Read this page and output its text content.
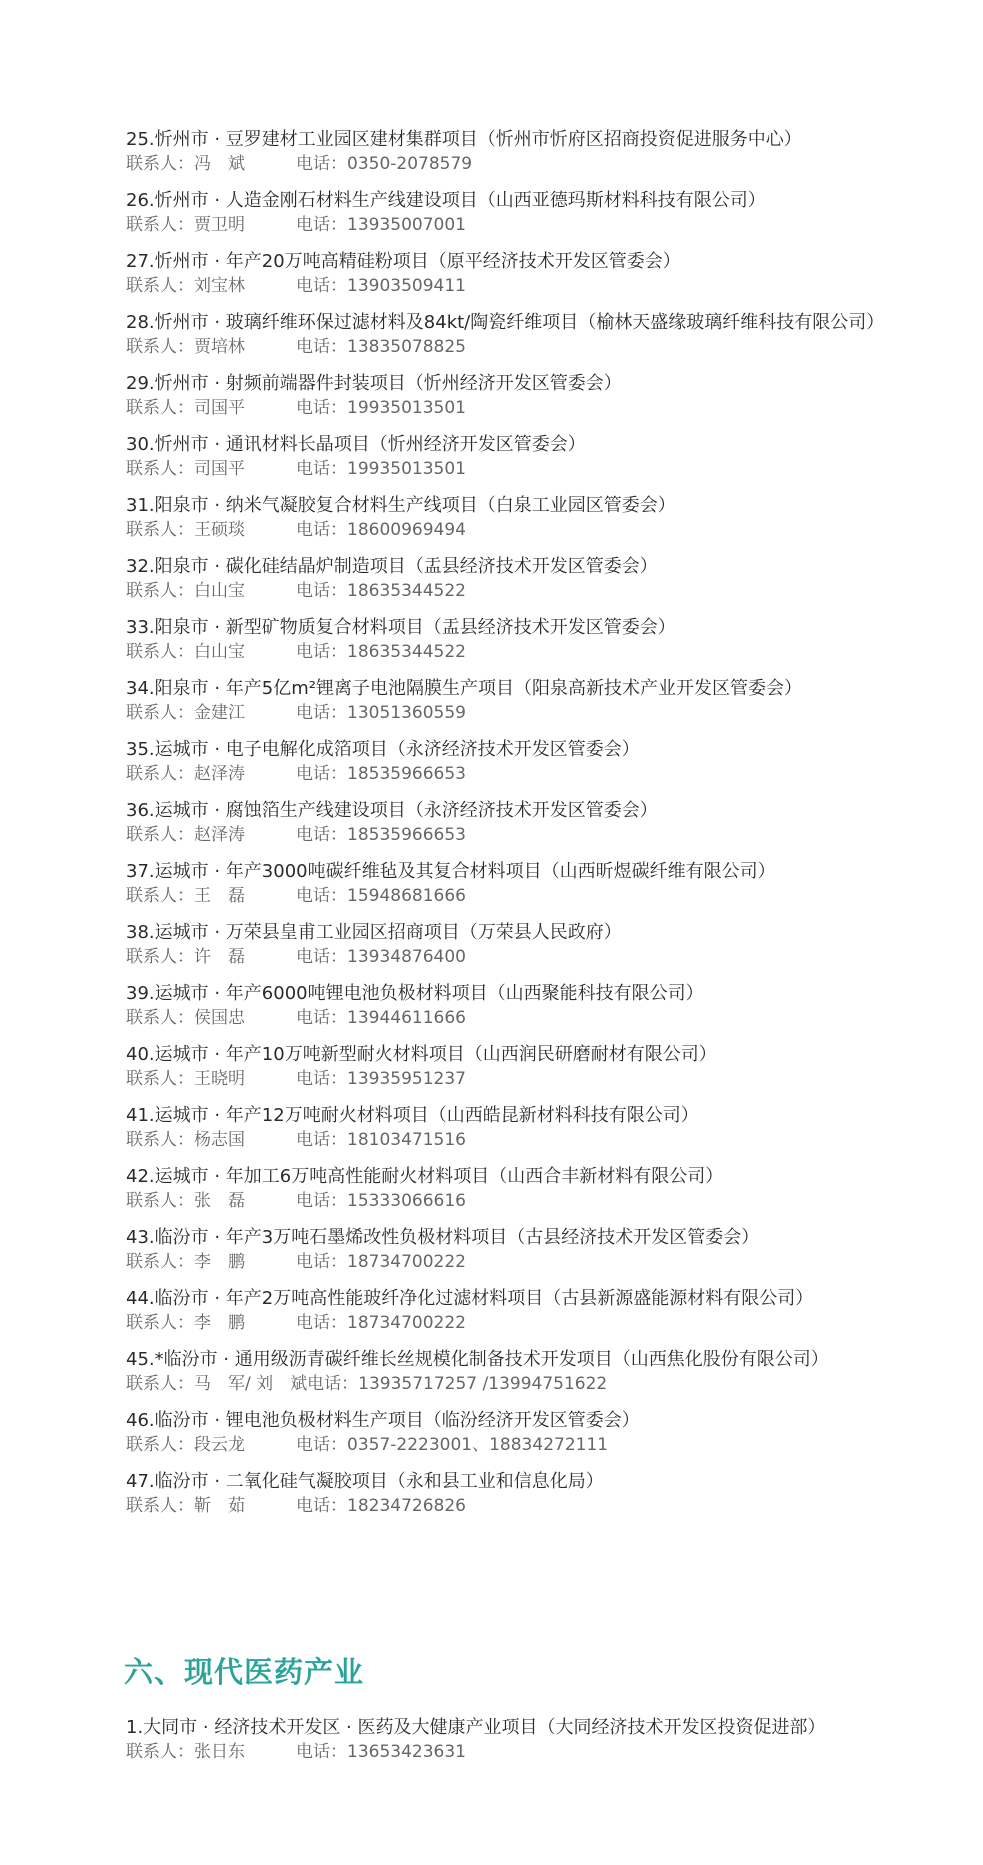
25.忻州市 · 豆罗建材工业园区建材集群项目（忻州市忻府区招商投资促进服务中心）
联系人：冯　斌	电话：0350-2078579
26.忻州市 · 人造金刚石材料生产线建设项目（山西亚德玛斯材料科技有限公司）
联系人：贾卫明	电话：13935007001
27.忻州市 · 年产20万吨高精硅粉项目（原平经济技术开发区管委会）
联系人：刘宝林	电话：13903509411
28.忻州市 · 玻璃纤维环保过滤材料及84kt/陶瓷纤维项目（榆林天盛缘玻璃纤维科技有限公司）
联系人：贾培林	电话：13835078825
29.忻州市 · 射频前端器件封装项目（忻州经济开发区管委会）
联系人：司国平	电话：19935013501
30.忻州市 · 通讯材料长晶项目（忻州经济开发区管委会）
联系人：司国平	电话：19935013501
31.阳泉市 · 纳米气凝胶复合材料生产线项目（白泉工业园区管委会）
联系人：王硕琰	电话：18600969494
32.阳泉市 · 碳化硅结晶炉制造项目（盂县经济技术开发区管委会）
联系人：白山宝	电话：18635344522
33.阳泉市 · 新型矿物质复合材料项目（盂县经济技术开发区管委会）
联系人：白山宝	电话：18635344522
34.阳泉市 · 年产5亿m²锂离子电池隔膜生产项目（阳泉高新技术产业开发区管委会）
联系人：金建江	电话：13051360559
35.运城市 · 电子电解化成箔项目（永济经济技术开发区管委会）
联系人：赵泽涛	电话：18535966653
36.运城市 · 腐蚀箔生产线建设项目（永济经济技术开发区管委会）
联系人：赵泽涛	电话：18535966653
37.运城市 · 年产3000吨碳纤维毡及其复合材料项目（山西昕煜碳纤维有限公司）
联系人：王　磊	电话：15948681666
38.运城市 · 万荣县皇甫工业园区招商项目（万荣县人民政府）
联系人：许　磊	电话：13934876400
39.运城市 · 年产6000吨锂电池负极材料项目（山西聚能科技有限公司）
联系人：侯国忠	电话：13944611666
40.运城市 · 年产10万吨新型耐火材料项目（山西润民研磨耐材有限公司）
联系人：王晓明	电话：13935951237
41.运城市 · 年产12万吨耐火材料项目（山西皓昆新材料科技有限公司）
联系人：杨志国	电话：18103471516
42.运城市 · 年加工6万吨高性能耐火材料项目（山西合丰新材料有限公司）
联系人：张　磊	电话：15333066616
43.临汾市 · 年产3万吨石墨烯改性负极材料项目（古县经济技术开发区管委会）
联系人：李　鹏	电话：18734700222
44.临汾市 · 年产2万吨高性能玻纤净化过滤材料项目（古县新源盛能源材料有限公司）
联系人：李　鹏	电话：18734700222
45.*临汾市 · 通用级沥青碳纤维长丝规模化制备技术开发项目（山西焦化股份有限公司）
联系人：马　军/ 刘　斌 电话：13935717257 /13994751622
46.临汾市 · 锂电池负极材料生产项目（临汾经济开发区管委会）
联系人：段云龙	电话：0357-2223001、18834272111
47.临汾市 · 二氧化硅气凝胶项目（永和县工业和信息化局）
联系人：靳　茹	电话：18234726826
六、现代医药产业
1.大同市 · 经济技术开发区 · 医药及大健康产业项目（大同经济技术开发区投资促进部）
联系人：张日东	电话：13653423631
